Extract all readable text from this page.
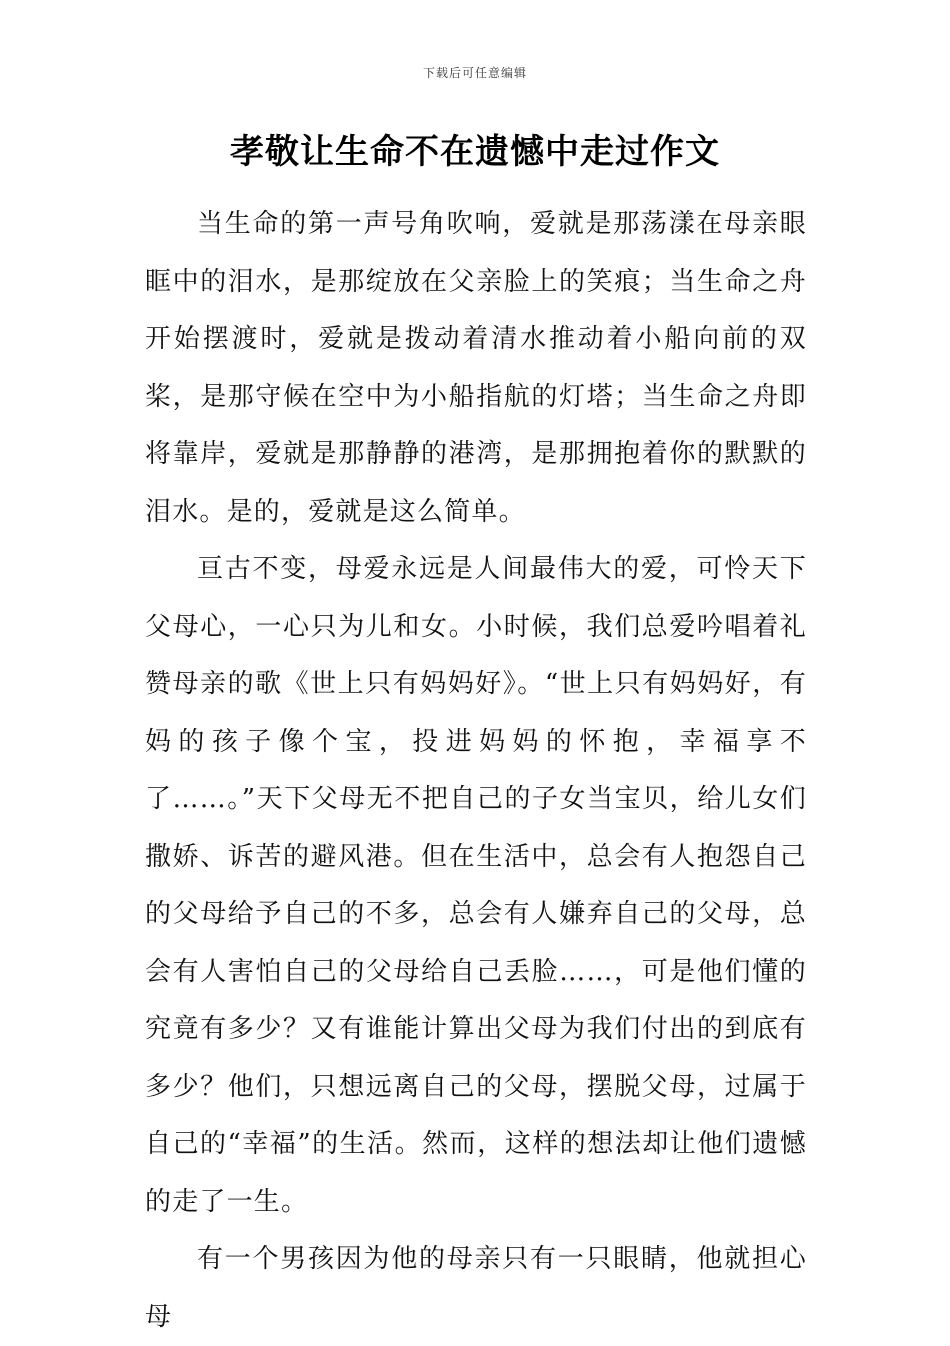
下载后可任意编辑
孝敬让生命不在遗憾中走过作文

当生命的第一声号角吹响，爱就是那荡漾在母亲眼眶中的泪水，是那绽放在父亲脸上的笑痕；当生命之舟开始摆渡时，爱就是拨动着清水推动着小船向前的双桨，是那守候在空中为小船指航的灯塔；当生命之舟即将靠岸，爱就是那静静的港湾，是那拥抱着你的默默的泪水。是的，爱就是这么简单。

亘古不变，母爱永远是人间最伟大的爱，可怜天下父母心，一心只为儿和女。小时候，我们总爱吟唱着礼赞母亲的歌《世上只有妈妈好》。“世上只有妈妈好，有妈的孩子像个宝，投进妈妈的怀抱，幸福享不了……。”天下父母无不把自己的子女当宝贝，给儿女们撒娇、诉苦的避风港。但在生活中，总会有人抱怨自己的父母给予自己的不多，总会有人嫌弃自己的父母，总会有人害怕自己的父母给自己丢脸……，可是他们懂的究竟有多少？又有谁能计算出父母为我们付出的到底有多少？他们，只想远离自己的父母，摆脱父母，过属于自己的“幸福”的生活。然而，这样的想法却让他们遗憾的走了一生。

有一个男孩因为他的母亲只有一只眼睛，他就担心母
